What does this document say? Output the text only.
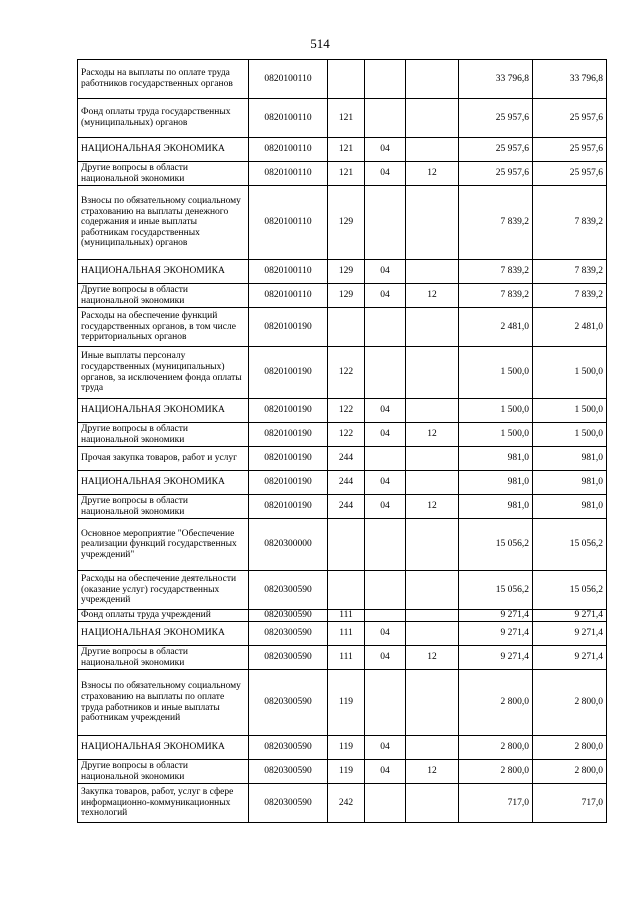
514
Расходы на выплаты по оплате труда работников государственных органов	0820100110				33 796,8	33 796,8
Фонд оплаты труда государственных (муниципальных) органов	0820100110	121			25 957,6	25 957,6
НАЦИОНАЛЬНАЯ ЭКОНОМИКА	0820100110	121	04		25 957,6	25 957,6
Другие вопросы в области национальной экономики	0820100110	121	04	12	25 957,6	25 957,6
Взносы по обязательному социальному страхованию на выплаты денежного содержания и иные выплаты работникам государственных (муниципальных) органов	0820100110	129			7 839,2	7 839,2
НАЦИОНАЛЬНАЯ ЭКОНОМИКА	0820100110	129	04		7 839,2	7 839,2
Другие вопросы в области национальной экономики	0820100110	129	04	12	7 839,2	7 839,2
Расходы на обеспечение функций государственных органов, в том числе территориальных органов	0820100190				2 481,0	2 481,0
Иные выплаты персоналу государственных (муниципальных) органов, за исключением фонда оплаты труда	0820100190	122			1 500,0	1 500,0
НАЦИОНАЛЬНАЯ ЭКОНОМИКА	0820100190	122	04		1 500,0	1 500,0
Другие вопросы в области национальной экономики	0820100190	122	04	12	1 500,0	1 500,0
Прочая закупка товаров, работ и услуг	0820100190	244			981,0	981,0
НАЦИОНАЛЬНАЯ ЭКОНОМИКА	0820100190	244	04		981,0	981,0
Другие вопросы в области национальной экономики	0820100190	244	04	12	981,0	981,0
Основное мероприятие "Обеспечение реализации функций государственных учреждений"	0820300000				15 056,2	15 056,2
Расходы на обеспечение деятельности (оказание услуг) государственных учреждений	0820300590				15 056,2	15 056,2
Фонд оплаты труда учреждений	0820300590	111			9 271,4	9 271,4
НАЦИОНАЛЬНАЯ ЭКОНОМИКА	0820300590	111	04		9 271,4	9 271,4
Другие вопросы в области национальной экономики	0820300590	111	04	12	9 271,4	9 271,4
Взносы по обязательному социальному страхованию на выплаты по оплате труда работников и иные выплаты работникам учреждений	0820300590	119			2 800,0	2 800,0
НАЦИОНАЛЬНАЯ ЭКОНОМИКА	0820300590	119	04		2 800,0	2 800,0
Другие вопросы в области национальной экономики	0820300590	119	04	12	2 800,0	2 800,0
Закупка товаров, работ, услуг в сфере информационно-коммуникационных технологий	0820300590	242			717,0	717,0
